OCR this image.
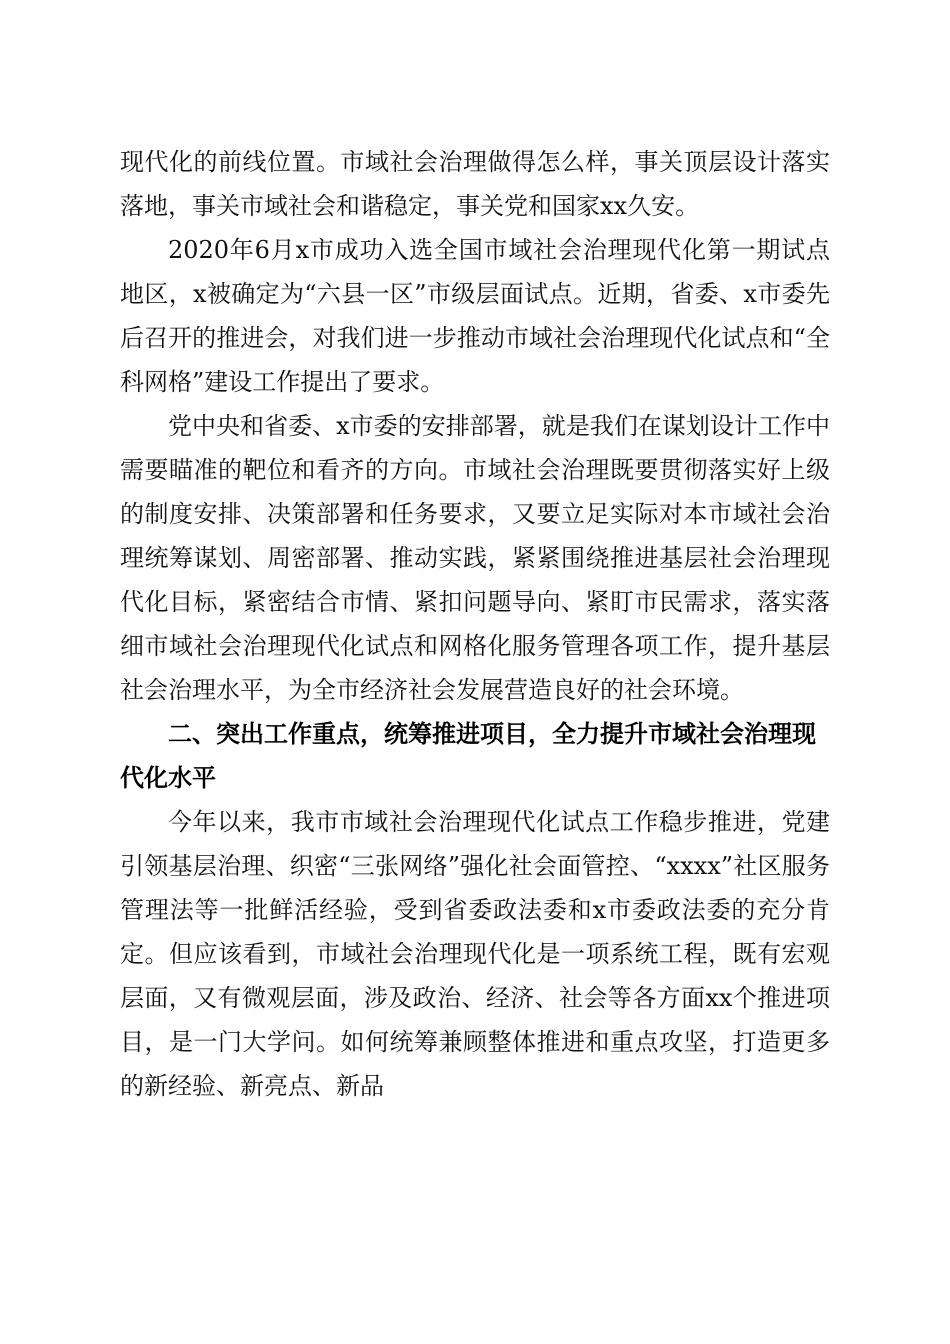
现代化的前线位置。市域社会治理做得怎么样，事关顶层设计落实落地，事关市域社会和谐稳定，事关党和国家xx久安。

2020年6月x市成功入选全国市域社会治理现代化第一期试点地区，x被确定为“六县一区”市级层面试点。近期，省委、x市委先后召开的推进会，对我们进一步推动市域社会治理现代化试点和“全科网格”建设工作提出了要求。

党中央和省委、x市委的安排部署，就是我们在谋划设计工作中需要瞄准的靶位和看齐的方向。市域社会治理既要贯彻落实好上级的制度安排、决策部署和任务要求，又要立足实际对本市域社会治理统筹谋划、周密部署、推动实践，紧紧围绕推进基层社会治理现代化目标，紧密结合市情、紧扣问题导向、紧盯市民需求，落实落细市域社会治理现代化试点和网格化服务管理各项工作，提升基层社会治理水平，为全市经济社会发展营造良好的社会环境。

二、突出工作重点，统筹推进项目，全力提升市域社会治理现代化水平

今年以来，我市市域社会治理现代化试点工作稳步推进，党建引领基层治理、织密“三张网络”强化社会面管控、“xxxx”社区服务管理法等一批鲜活经验，受到省委政法委和x市委政法委的充分肯定。但应该看到，市域社会治理现代化是一项系统工程，既有宏观层面，又有微观层面，涉及政治、经济、社会等各方面xx个推进项目，是一门大学问。如何统筹兼顾整体推进和重点攻坚，打造更多的新经验、新亮点、新品
